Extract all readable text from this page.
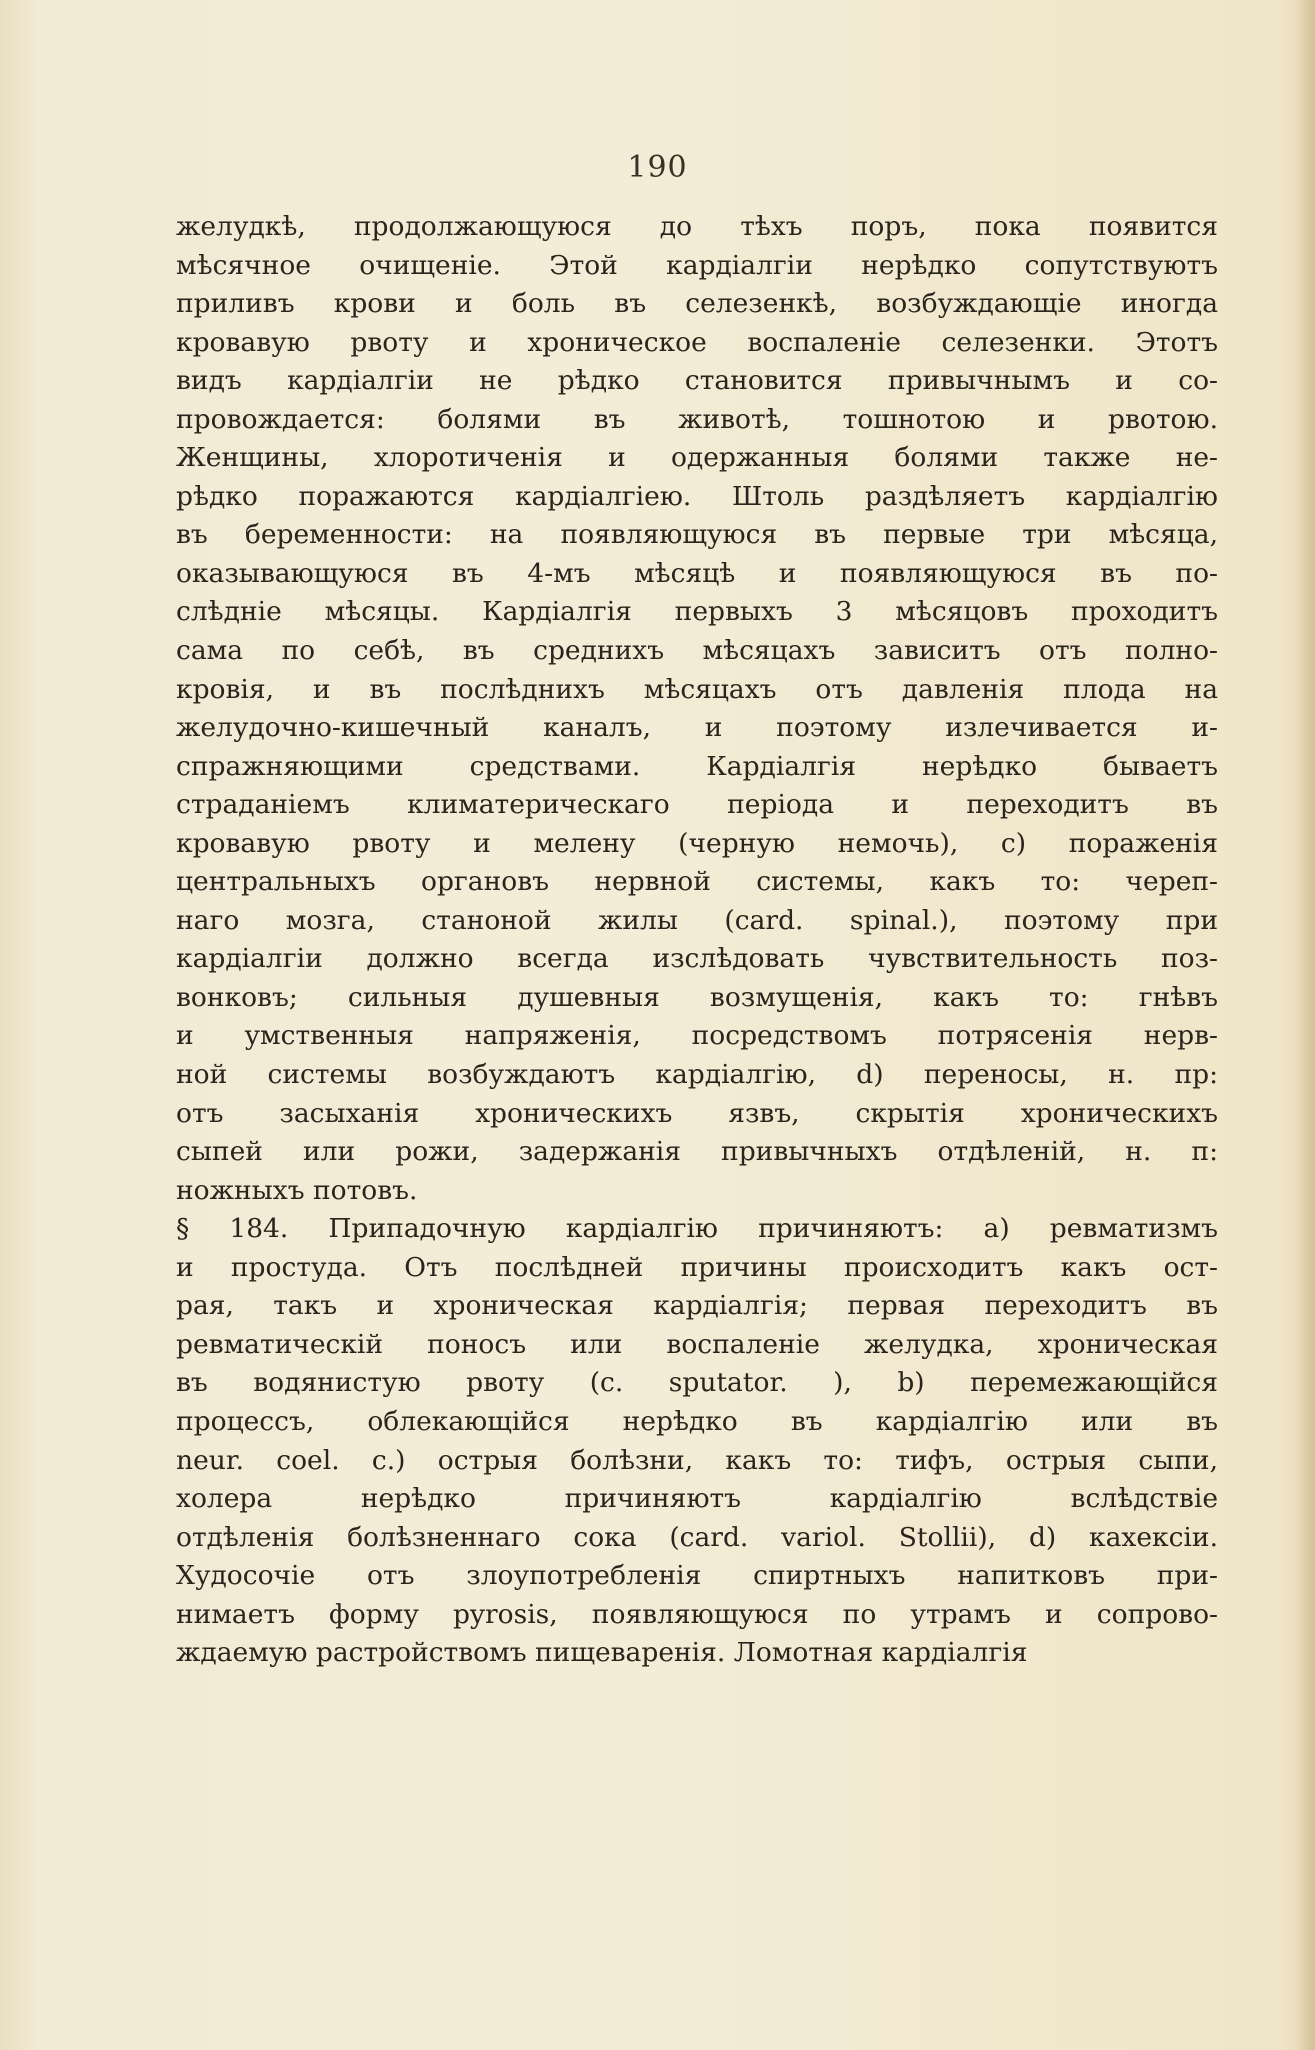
190
желудкѣ, продолжающуюся до тѣхъ поръ, пока появится
мѣсячное очищеніе. Этой кардіалгіи нерѣдко сопутствуютъ
приливъ крови и боль въ селезенкѣ, возбуждающіе иногда
кровавую рвоту и хроническое воспаленіе селезенки. Этотъ
видъ кардіалгіи не рѣдко становится привычнымъ и со-
провождается: болями въ животѣ, тошнотою и рвотою.
Женщины, хлоротиченія и одержанныя болями также не-
рѣдко поражаются кардіалгіею. Штоль раздѣляетъ кардіалгію
въ беременности: на появляющуюся въ первые три мѣсяца,
оказывающуюся въ 4-мъ мѣсяцѣ и появляющуюся въ по-
слѣдніе мѣсяцы. Кардіалгія первыхъ 3 мѣсяцовъ проходитъ
сама по себѣ, въ среднихъ мѣсяцахъ зависитъ отъ полно-
кровія, и въ послѣднихъ мѣсяцахъ отъ давленія плода на
желудочно-кишечный каналъ, и поэтому излечивается и-
спражняющими средствами. Кардіалгія нерѣдко бываетъ
страданіемъ климатерическаго періода и переходитъ въ
кровавую рвоту и мелену (черную немочь), с) пораженія
центральныхъ органовъ нервной системы, какъ то: череп-
наго мозга, станоной жилы (card. spinal.), поэтому при
кардіалгіи должно всегда изслѣдовать чувствительность поз-
вонковъ; сильныя душевныя возмущенія, какъ то: гнѣвъ
и умственныя напряженія, посредствомъ потрясенія нерв-
ной системы возбуждаютъ кардіалгію, d) переносы, н. пр:
отъ засыханія хроническихъ язвъ, скрытія хроническихъ
сыпей или рожи, задержанія привычныхъ отдѣленій, н. п:
ножныхъ потовъ.
§ 184. Припадочную кардіалгію причиняютъ: а) ревматизмъ
и простуда. Отъ послѣдней причины происходитъ какъ ост-
рая, такъ и хроническая кардіалгія; первая переходитъ въ
ревматическій поносъ или воспаленіе желудка, хроническая
въ водянистую рвоту (c. sputator. ), b) перемежающійся
процессъ, облекающійся нерѣдко въ кардіалгію или въ
neur. coel. c.) острыя болѣзни, какъ то: тифъ, острыя сыпи,
холера нерѣдко причиняютъ кардіалгію вслѣдствіе
отдѣленія болѣзненнаго сока (card. variol. Stollii), d) кахексіи.
Худосочіе отъ злоупотребленія спиртныхъ напитковъ при-
нимаетъ форму pyrosis, появляющуюся по утрамъ и сопрово-
ждаемую растройствомъ пищеваренія. Ломотная кардіалгія
